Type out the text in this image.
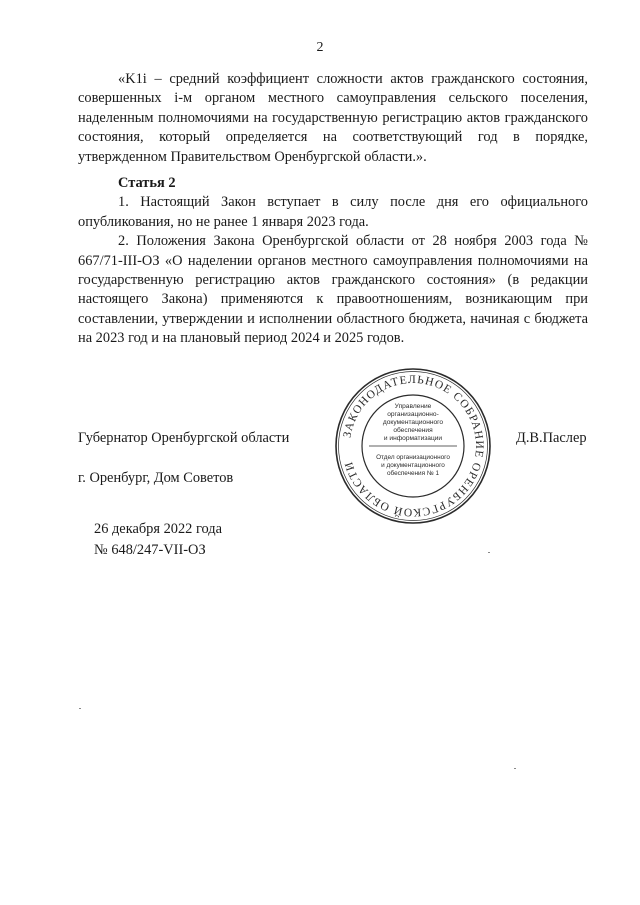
2

«K1i – средний коэффициент сложности актов гражданского состояния, совершенных i-м органом местного самоуправления сельского поселения, наделенным полномочиями на государственную регистрацию актов гражданского состояния, который определяется на соответствующий год в порядке, утвержденном Правительством Оренбургской области.».

Статья 2

1. Настоящий Закон вступает в силу после дня его официального опубликования, но не ранее 1 января 2023 года.

2. Положения Закона Оренбургской области от 28 ноября 2003 года № 667/71-III-ОЗ «О наделении органов местного самоуправления полномочиями на государственную регистрацию актов гражданского состояния» (в редакции настоящего Закона) применяются к правоотношениям, возникающим при составлении, утверждении и исполнении областного бюджета, начиная с бюджета на 2023 год и на плановый период 2024 и 2025 годов.

Губернатор Оренбургской области	Д.В.Паслер
г. Оренбург, Дом Советов
26 декабря 2022 года
№ 648/247-VII-ОЗ
ЗАКОНОДАТЕЛЬНОЕ СОБРАНИЕ ОРЕНБУРГСКОЙ ОБЛАСТИ
Управление
организационно-
документационного
обеспечения
и информатизации
Отдел организационного
и документационного
обеспечения № 1
